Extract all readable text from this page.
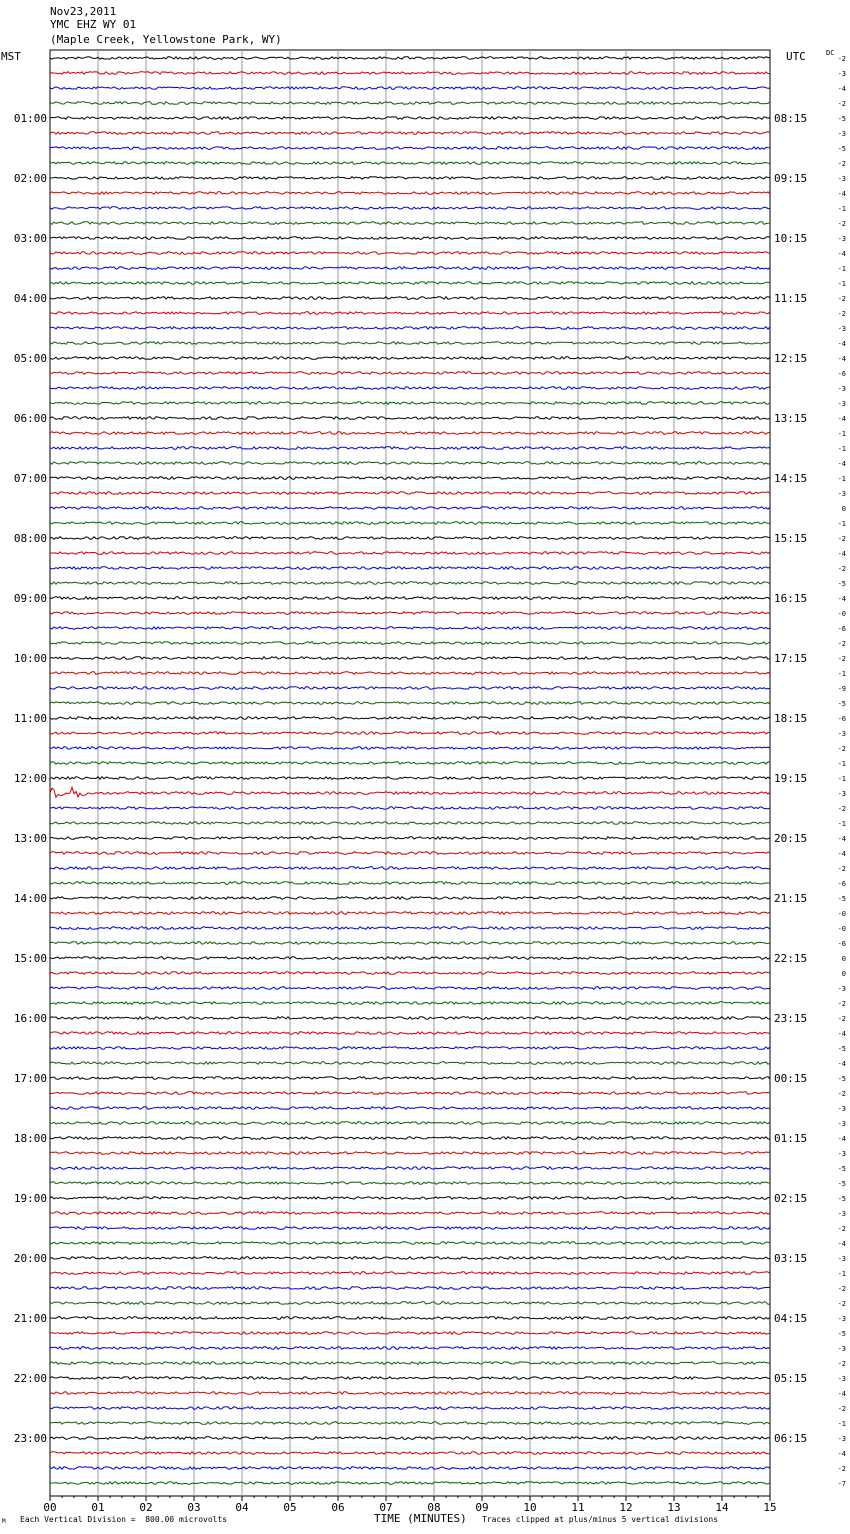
Nov23,2011
YMC EHZ WY 01
(Maple Creek, Yellowstone Park, WY)
MST	UTC	DC
00	01	02	03	04	05	06	07	08	09	10	11	12	13	14	15
01:00
02:00
03:00
04:00
05:00
06:00
07:00
08:00
09:00
10:00
11:00
12:00
13:00
14:00
15:00
16:00
17:00
18:00
19:00
20:00
21:00
22:00
23:00
08:15
09:15
10:15
11:15
12:15
13:15
14:15
15:15
16:15
17:15
18:15
19:15
20:15
21:15
22:15
23:15
00:15
01:15
02:15
03:15
04:15
05:15
06:15
-2
-3
-4
-2
-5
-3
-5
-2
-3
-4
-1
-2
-3
-4
-1
-1
-2
-2
-3
-4
-4
-6
-3
-3
-4
-1
-1
-4
-1
-3
0
-1
-2
-4
-2
-5
-4
-0
-6
-2
-2
-1
-9
-5
-6
-3
-2
-1
-1
-3
-2
-1
-4
-4
-2
-6
-5
-0
-0
-6
0
0
-3
-2
-2
-4
-5
-4
-5
-2
-3
-3
-4
-3
-5
-5
-5
-3
-2
-4
-3
-1
-2
-2
-3
-5
-3
-2
-3
-4
-2
-1
-3
-4
-2
-7
M Each Vertical Division =  800.00 microvolts	TIME (MINUTES) Traces clipped at plus/minus 5 vertical divisions
